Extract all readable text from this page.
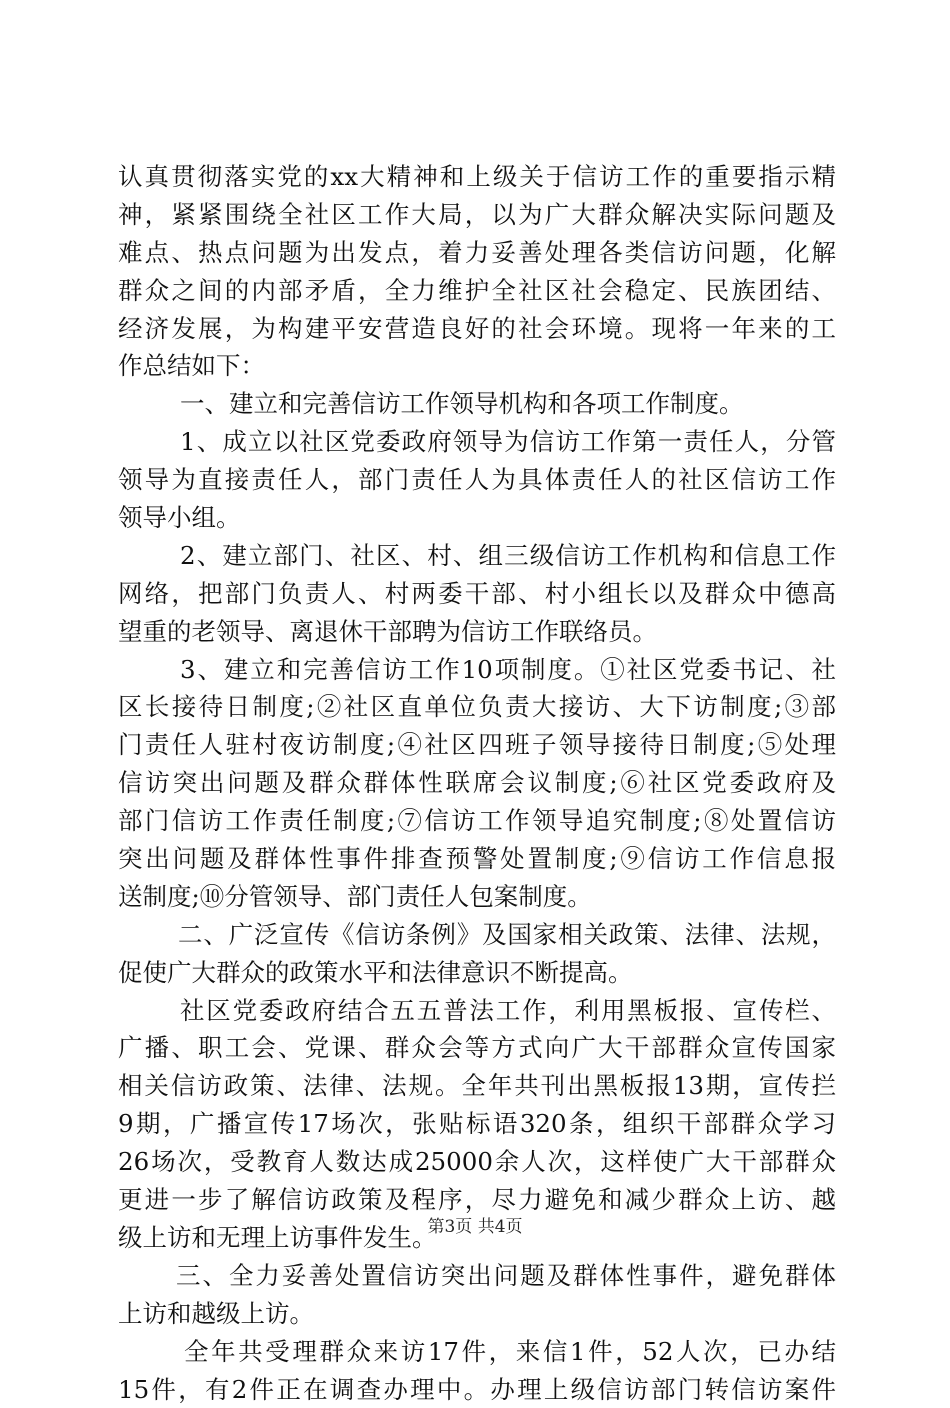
认真贯彻落实党的xx大精神和上级关于信访工作的重要指示精
神，紧紧围绕全社区工作大局，以为广大群众解决实际问题及
难点、热点问题为出发点，着力妥善处理各类信访问题，化解
群众之间的内部矛盾，全力维护全社区社会稳定、民族团结、
经济发展，为构建平安营造良好的社会环境。现将一年来的工
作总结如下：
一、建立和完善信访工作领导机构和各项工作制度。
1、成立以社区党委政府领导为信访工作第一责任人，分管
领导为直接责任人，部门责任人为具体责任人的社区信访工作
领导小组。
2、建立部门、社区、村、组三级信访工作机构和信息工作
网络，把部门负责人、村两委干部、村小组长以及群众中德高
望重的老领导、离退休干部聘为信访工作联络员。
3、建立和完善信访工作10项制度。①社区党委书记、社
区长接待日制度;②社区直单位负责大接访、大下访制度;③部
门责任人驻村夜访制度;④社区四班子领导接待日制度;⑤处理
信访突出问题及群众群体性联席会议制度;⑥社区党委政府及
部门信访工作责任制度;⑦信访工作领导追究制度;⑧处置信访
突出问题及群体性事件排查预警处置制度;⑨信访工作信息报
送制度;⑩分管领导、部门责任人包案制度。
二、广泛宣传《信访条例》及国家相关政策、法律、法规，
促使广大群众的政策水平和法律意识不断提高。
社区党委政府结合五五普法工作，利用黑板报、宣传栏、
广播、职工会、党课、群众会等方式向广大干部群众宣传国家
相关信访政策、法律、法规。全年共刊出黑板报13期，宣传拦
9期，广播宣传17场次，张贴标语320条，组织干部群众学习
26场次，受教育人数达成25000余人次，这样使广大干部群众
更进一步了解信访政策及程序，尽力避免和减少群众上访、越
级上访和无理上访事件发生。
三、全力妥善处置信访突出问题及群体性事件，避免群体
上访和越级上访。
全年共受理群众来访17件，来信1件，52人次，已办结
15件，有2件正在调查办理中。办理上级信访部门转信访案件
第3页 共4页
